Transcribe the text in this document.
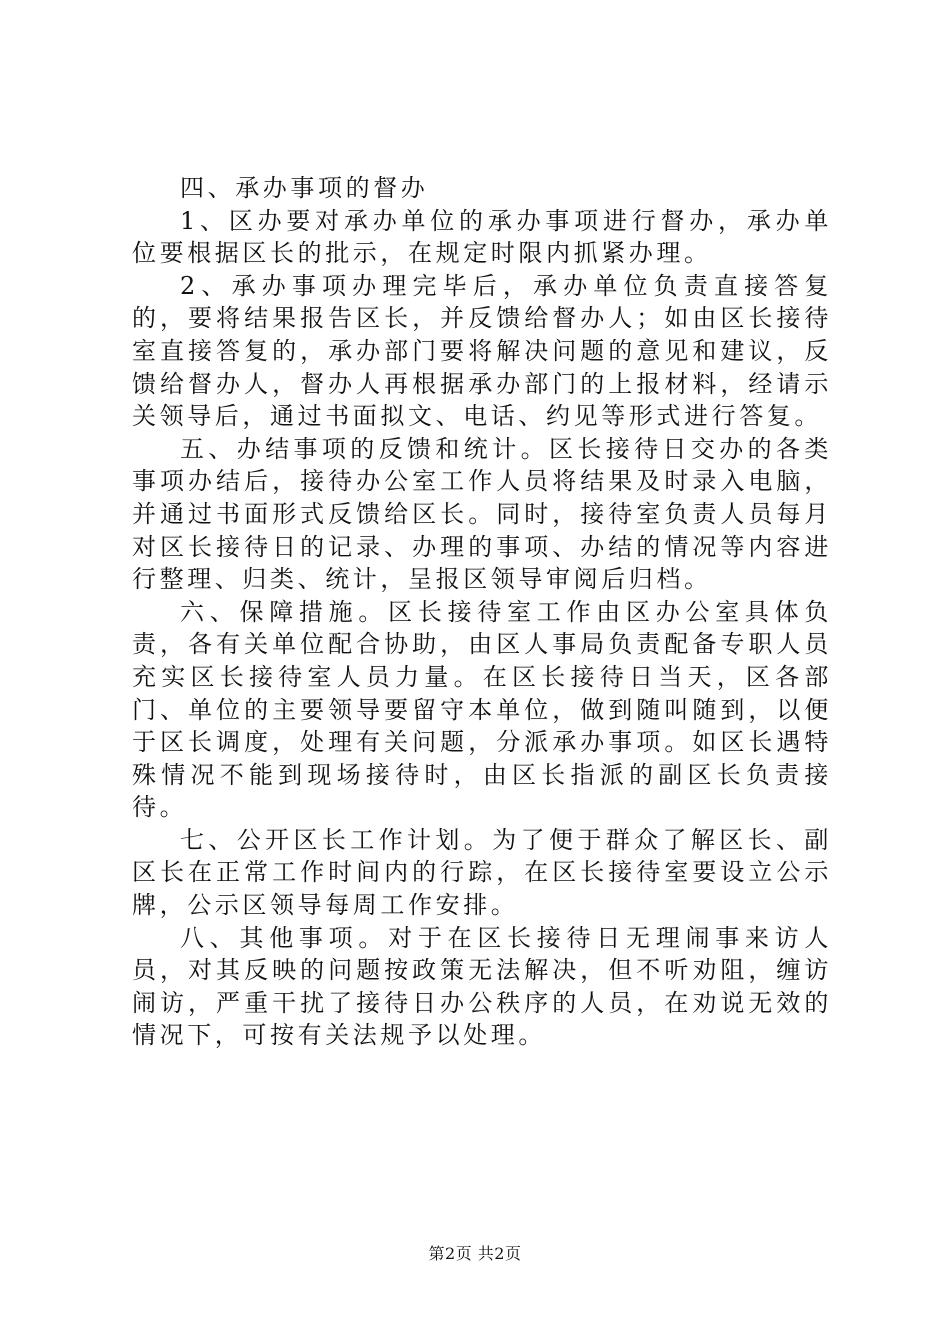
四、承办事项的督办

1、区办要对承办单位的承办事项进行督办，承办单位要根据区长的批示，在规定时限内抓紧办理。

2、承办事项办理完毕后，承办单位负责直接答复的，要将结果报告区长，并反馈给督办人；如由区长接待室直接答复的，承办部门要将解决问题的意见和建议，反馈给督办人，督办人再根据承办部门的上报材料，经请示关领导后，通过书面拟文、电话、约见等形式进行答复。

五、办结事项的反馈和统计。区长接待日交办的各类事项办结后，接待办公室工作人员将结果及时录入电脑，并通过书面形式反馈给区长。同时，接待室负责人员每月对区长接待日的记录、办理的事项、办结的情况等内容进行整理、归类、统计，呈报区领导审阅后归档。

六、保障措施。区长接待室工作由区办公室具体负责，各有关单位配合协助，由区人事局负责配备专职人员充实区长接待室人员力量。在区长接待日当天，区各部门、单位的主要领导要留守本单位，做到随叫随到，以便于区长调度，处理有关问题，分派承办事项。如区长遇特殊情况不能到现场接待时，由区长指派的副区长负责接待。

七、公开区长工作计划。为了便于群众了解区长、副区长在正常工作时间内的行踪，在区长接待室要设立公示牌，公示区领导每周工作安排。

八、其他事项。对于在区长接待日无理闹事来访人员，对其反映的问题按政策无法解决，但不听劝阻，缠访闹访，严重干扰了接待日办公秩序的人员，在劝说无效的情况下，可按有关法规予以处理。

第2页 共2页
